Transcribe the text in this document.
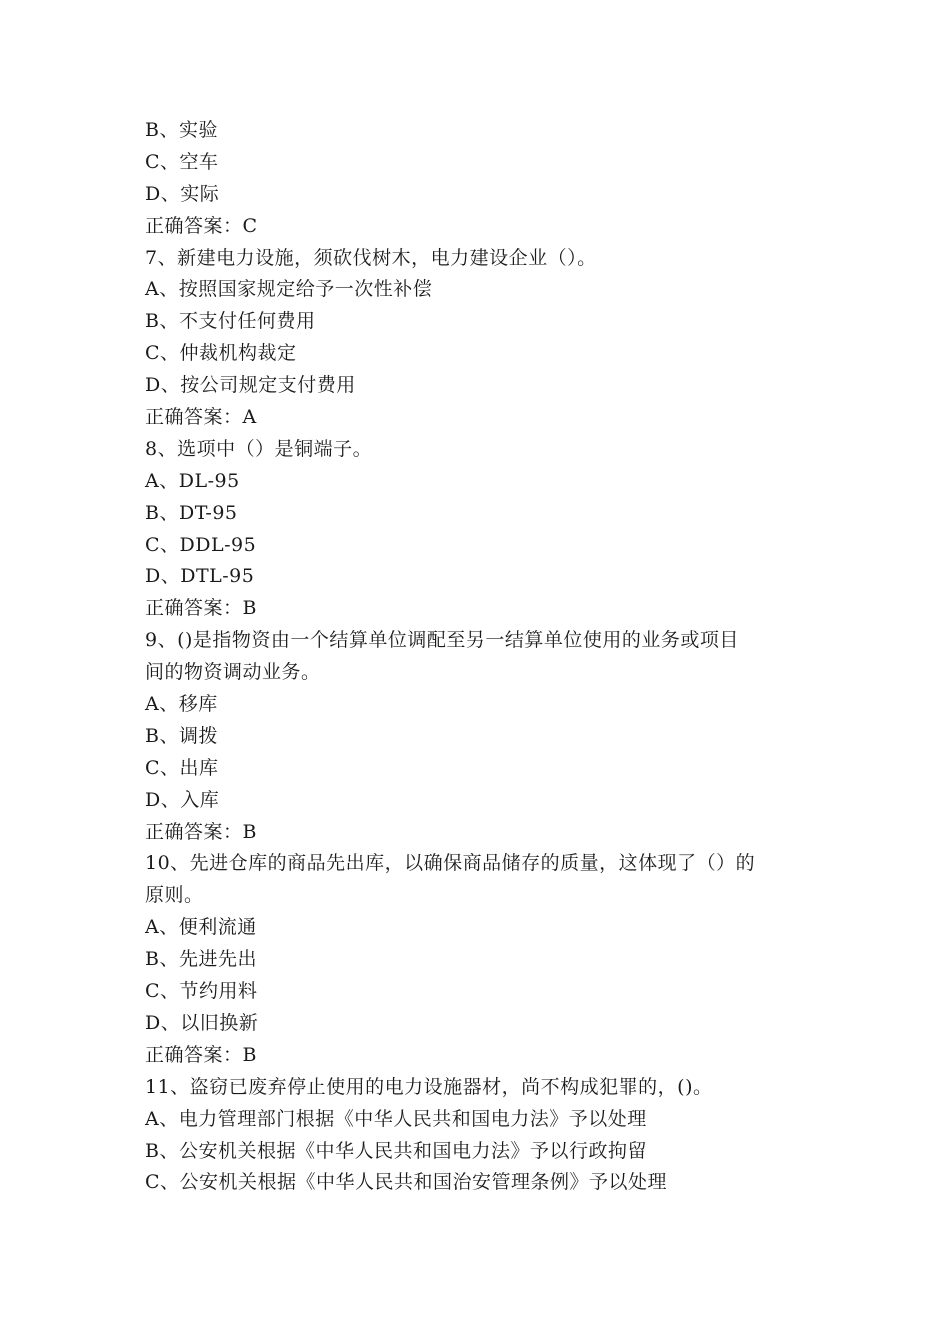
B、实验
C、空车
D、实际
正确答案：C
7、新建电力设施，须砍伐树木，电力建设企业（）。
A、按照国家规定给予一次性补偿
B、不支付任何费用
C、仲裁机构裁定
D、按公司规定支付费用
正确答案：A
8、选项中（）是铜端子。
A、DL-95
B、DT-95
C、DDL-95
D、DTL-95
正确答案：B
9、()是指物资由一个结算单位调配至另一结算单位使用的业务或项目
间的物资调动业务。
A、移库
B、调拨
C、出库
D、入库
正确答案：B
10、先进仓库的商品先出库，以确保商品储存的质量，这体现了（）的
原则。
A、便利流通
B、先进先出
C、节约用料
D、以旧换新
正确答案：B
11、盗窃已废弃停止使用的电力设施器材，尚不构成犯罪的，()。
A、电力管理部门根据《中华人民共和国电力法》予以处理
B、公安机关根据《中华人民共和国电力法》予以行政拘留
C、公安机关根据《中华人民共和国治安管理条例》予以处理
